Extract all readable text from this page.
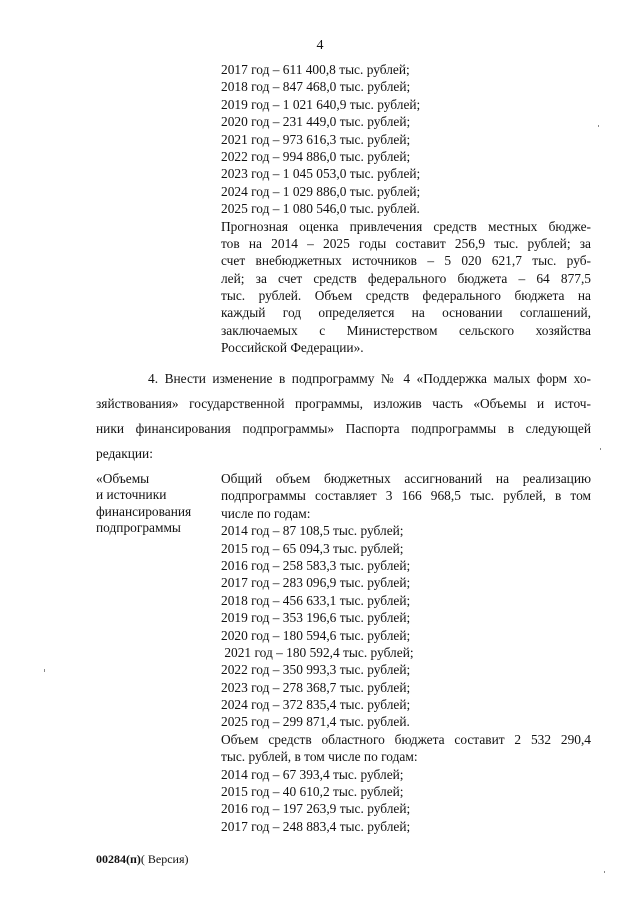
4
2017 год – 611 400,8 тыс. рублей;
2018 год – 847 468,0 тыс. рублей;
2019 год – 1 021 640,9 тыс. рублей;
2020 год – 231 449,0 тыс. рублей;
2021 год – 973 616,3 тыс. рублей;
2022 год – 994 886,0 тыс. рублей;
2023 год – 1 045 053,0 тыс. рублей;
2024 год – 1 029 886,0 тыс. рублей;
2025 год – 1 080 546,0 тыс. рублей.
Прогнозная оценка привлечения средств местных бюдже-
тов на 2014 – 2025 годы составит 256,9 тыс. рублей; за
счет внебюджетных источников – 5 020 621,7 тыс. руб-
лей; за счет средств федерального бюджета – 64 877,5
тыс. рублей. Объем средств федерального бюджета на
каждый год определяется на основании соглашений,
заключаемых с Министерством сельского хозяйства
Российской Федерации».
4. Внести изменение в подпрограмму № 4 «Поддержка малых форм хо-
зяйствования» государственной программы, изложив часть «Объемы и источ-
ники финансирования подпрограммы» Паспорта подпрограммы в следующей
редакции:
«Объемы
и источники
финансирования
подпрограммы
Общий объем бюджетных ассигнований на реализацию
подпрограммы составляет 3 166 968,5 тыс. рублей, в том
числе по годам:
2014 год – 87 108,5 тыс. рублей;
2015 год – 65 094,3 тыс. рублей;
2016 год – 258 583,3 тыс. рублей;
2017 год – 283 096,9 тыс. рублей;
2018 год – 456 633,1 тыс. рублей;
2019 год – 353 196,6 тыс. рублей;
2020 год – 180 594,6 тыс. рублей;
2021 год – 180 592,4 тыс. рублей;
2022 год – 350 993,3 тыс. рублей;
2023 год – 278 368,7 тыс. рублей;
2024 год – 372 835,4 тыс. рублей;
2025 год – 299 871,4 тыс. рублей.
Объем средств областного бюджета составит 2 532 290,4
тыс. рублей, в том числе по годам:
2014 год – 67 393,4 тыс. рублей;
2015 год – 40 610,2 тыс. рублей;
2016 год – 197 263,9 тыс. рублей;
2017 год – 248 883,4 тыс. рублей;
00284(п)( Версия)
